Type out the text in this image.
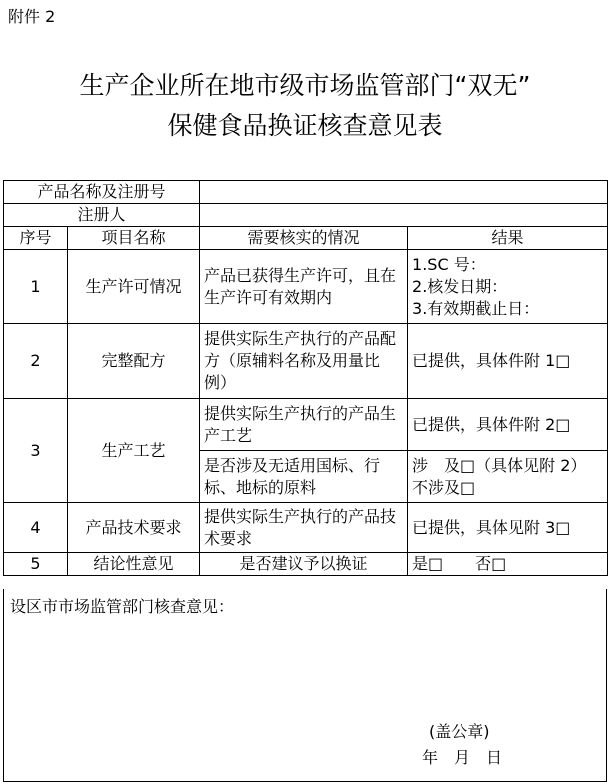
附件 2
生产企业所在地市级市场监管部门“双无”
保健食品换证核查意见表
产品名称及注册号			
注册人			
序号	项目名称	需要核实的情况	结果
1	生产许可情况	产品已获得生产许可，且在生产许可有效期内	1.SC 号：
2.核发日期：
3.有效期截止日：

2	完整配方	提供实际生产执行的产品配方（原辅料名称及用量比例）	已提供，具体件附 1□
3	生产工艺	提供实际生产执行的产品生产工艺	已提供，具体件附 2□
		是否涉及无适用国标、行标、地标的原料	涉　及□（具体见附 2）
不涉及□

4	产品技术要求	提供实际生产执行的产品技术要求	已提供，具体见附 3□
5	结论性意见	是否建议予以换证	是□　　否□
设区市市场监管部门核查意见：
(盖公章)
年　月　日
